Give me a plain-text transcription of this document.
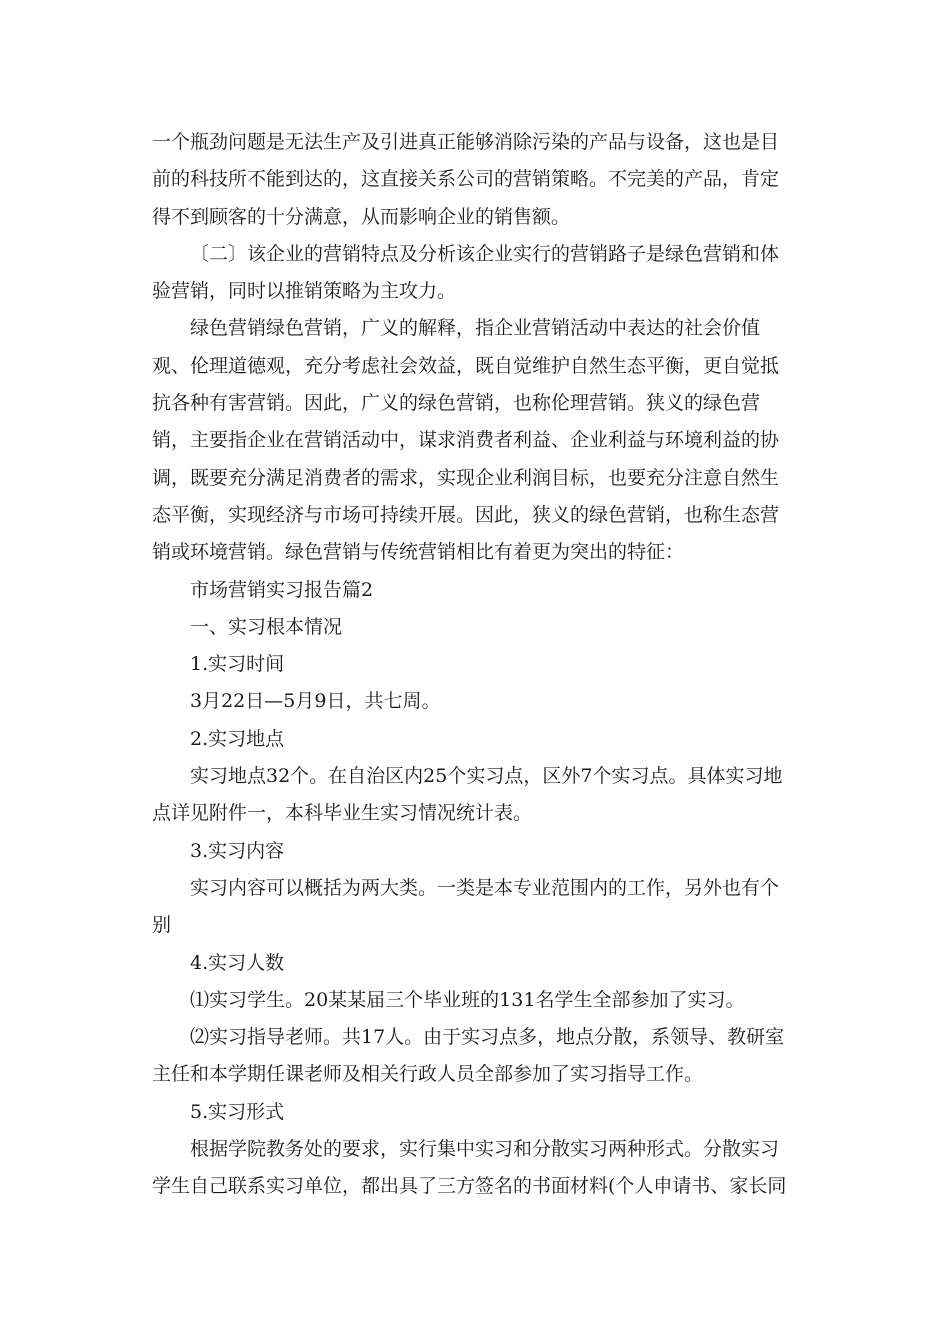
一个瓶劲问题是无法生产及引进真正能够消除污染的产品与设备，这也是目

前的科技所不能到达的，这直接关系公司的营销策略。不完美的产品，肯定

得不到顾客的十分满意，从而影响企业的销售额。

〔二〕该企业的营销特点及分析该企业实行的营销路子是绿色营销和体

验营销，同时以推销策略为主攻力。

绿色营销绿色营销，广义的解释，指企业营销活动中表达的社会价值

观、伦理道德观，充分考虑社会效益，既自觉维护自然生态平衡，更自觉抵

抗各种有害营销。因此，广义的绿色营销，也称伦理营销。狭义的绿色营

销，主要指企业在营销活动中，谋求消费者利益、企业利益与环境利益的协

调，既要充分满足消费者的需求，实现企业利润目标，也要充分注意自然生

态平衡，实现经济与市场可持续开展。因此，狭义的绿色营销，也称生态营

销或环境营销。绿色营销与传统营销相比有着更为突出的特征：

市场营销实习报告篇2

一、实习根本情况

1.实习时间

3月22日—5月9日，共七周。

2.实习地点

实习地点32个。在自治区内25个实习点，区外7个实习点。具体实习地

点详见附件一，本科毕业生实习情况统计表。

3.实习内容

实习内容可以概括为两大类。一类是本专业范围内的工作，另外也有个

别

4.实习人数

⑴实习学生。20某某届三个毕业班的131名学生全部参加了实习。

⑵实习指导老师。共17人。由于实习点多，地点分散，系领导、教研室

主任和本学期任课老师及相关行政人员全部参加了实习指导工作。

5.实习形式

根据学院教务处的要求，实行集中实习和分散实习两种形式。分散实习

学生自己联系实习单位，都出具了三方签名的书面材料(个人申请书、家长同
